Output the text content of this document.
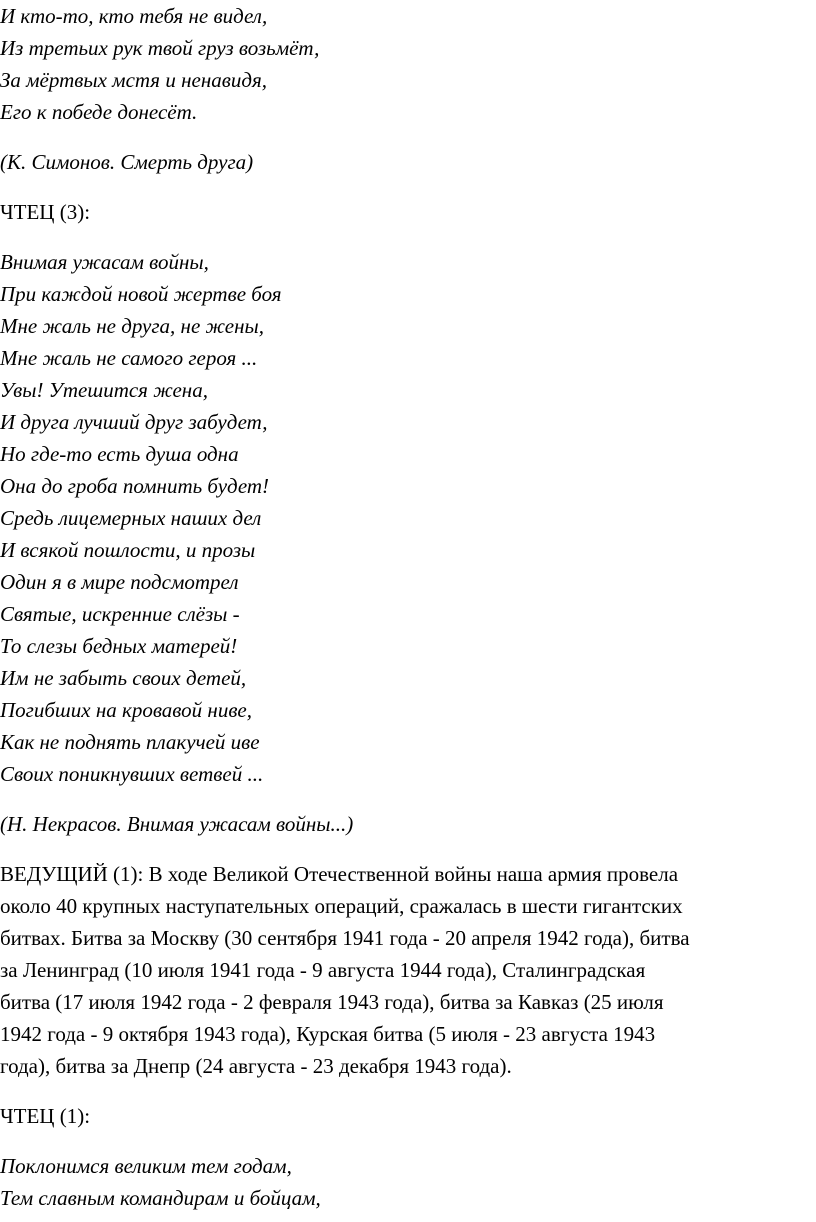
И кто-то, кто тебя не видел,
Из третьих рук твой груз возьмёт,
За мёртвых мстя и ненавидя,
Его к победе донесёт.
(К. Симонов. Смерть друга)
ЧТЕЦ (3):
Внимая ужасам войны,
При каждой новой жертве боя
Мне жаль не друга, не жены,
Мне жаль не самого героя ...
Увы! Утешится жена,
И друга лучший друг забудет,
Но где-то есть душа одна
Она до гроба помнить будет!
Средь лицемерных наших дел
И всякой пошлости, и прозы
Один я в мире подсмотрел
Святые, искренние слёзы -
То слезы бедных матерей!
Им не забыть своих детей,
Погибших на кровавой ниве,
Как не поднять плакучей иве
Своих поникнувших ветвей ...
(Н. Некрасов. Внимая ужасам войны...)
ВЕДУЩИЙ (1): В ходе Великой Отечественной войны наша армия провела
около 40 крупных наступательных операций, сражалась в шести гигантских
битвах. Битва за Москву (30 сентября 1941 года - 20 апреля 1942 года), битва
за Ленинград (10 июля 1941 года - 9 августа 1944 года), Сталинградская
битва (17 июля 1942 года - 2 февраля 1943 года), битва за Кавказ (25 июля
1942 года - 9 октября 1943 года), Курская битва (5 июля - 23 августа 1943
года), битва за Днепр (24 августа - 23 декабря 1943 года).
ЧТЕЦ (1):
Поклонимся великим тем годам,
Тем славным командирам и бойцам,
